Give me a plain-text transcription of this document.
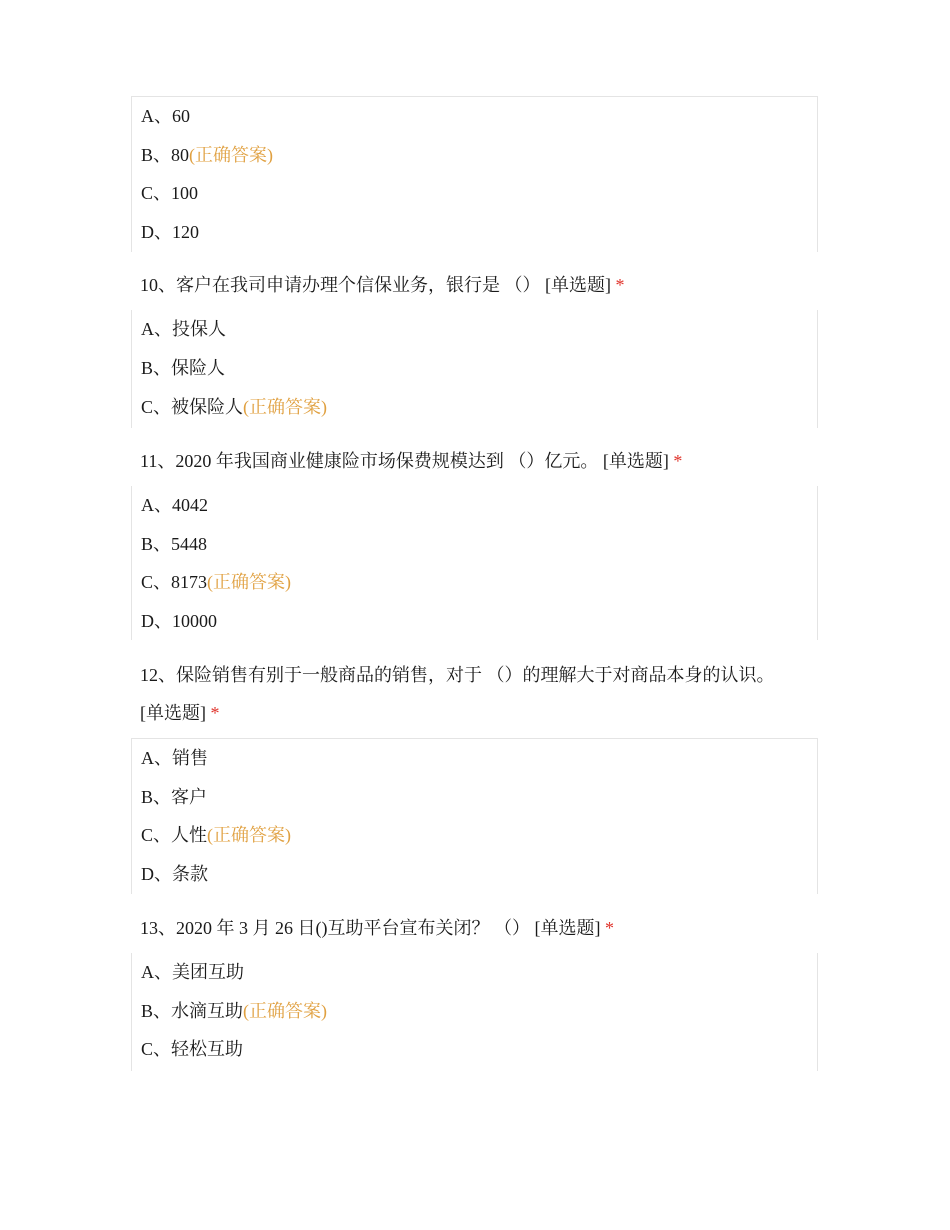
A、60
B、80(正确答案)
C、100
D、120
10、客户在我司申请办理个信保业务，银行是 （） [单选题] *
A、投保人
B、保险人
C、被保险人(正确答案)
11、2020 年我国商业健康险市场保费规模达到 （）亿元。 [单选题] *
A、4042
B、5448
C、8173(正确答案)
D、10000
12、保险销售有别于一般商品的销售，对于 （）的理解大于对商品本身的认识。
[单选题] *
A、销售
B、客户
C、人性(正确答案)
D、条款
13、2020 年 3 月 26 日()互助平台宣布关闭？ （） [单选题] *
A、美团互助
B、水滴互助(正确答案)
C、轻松互助
